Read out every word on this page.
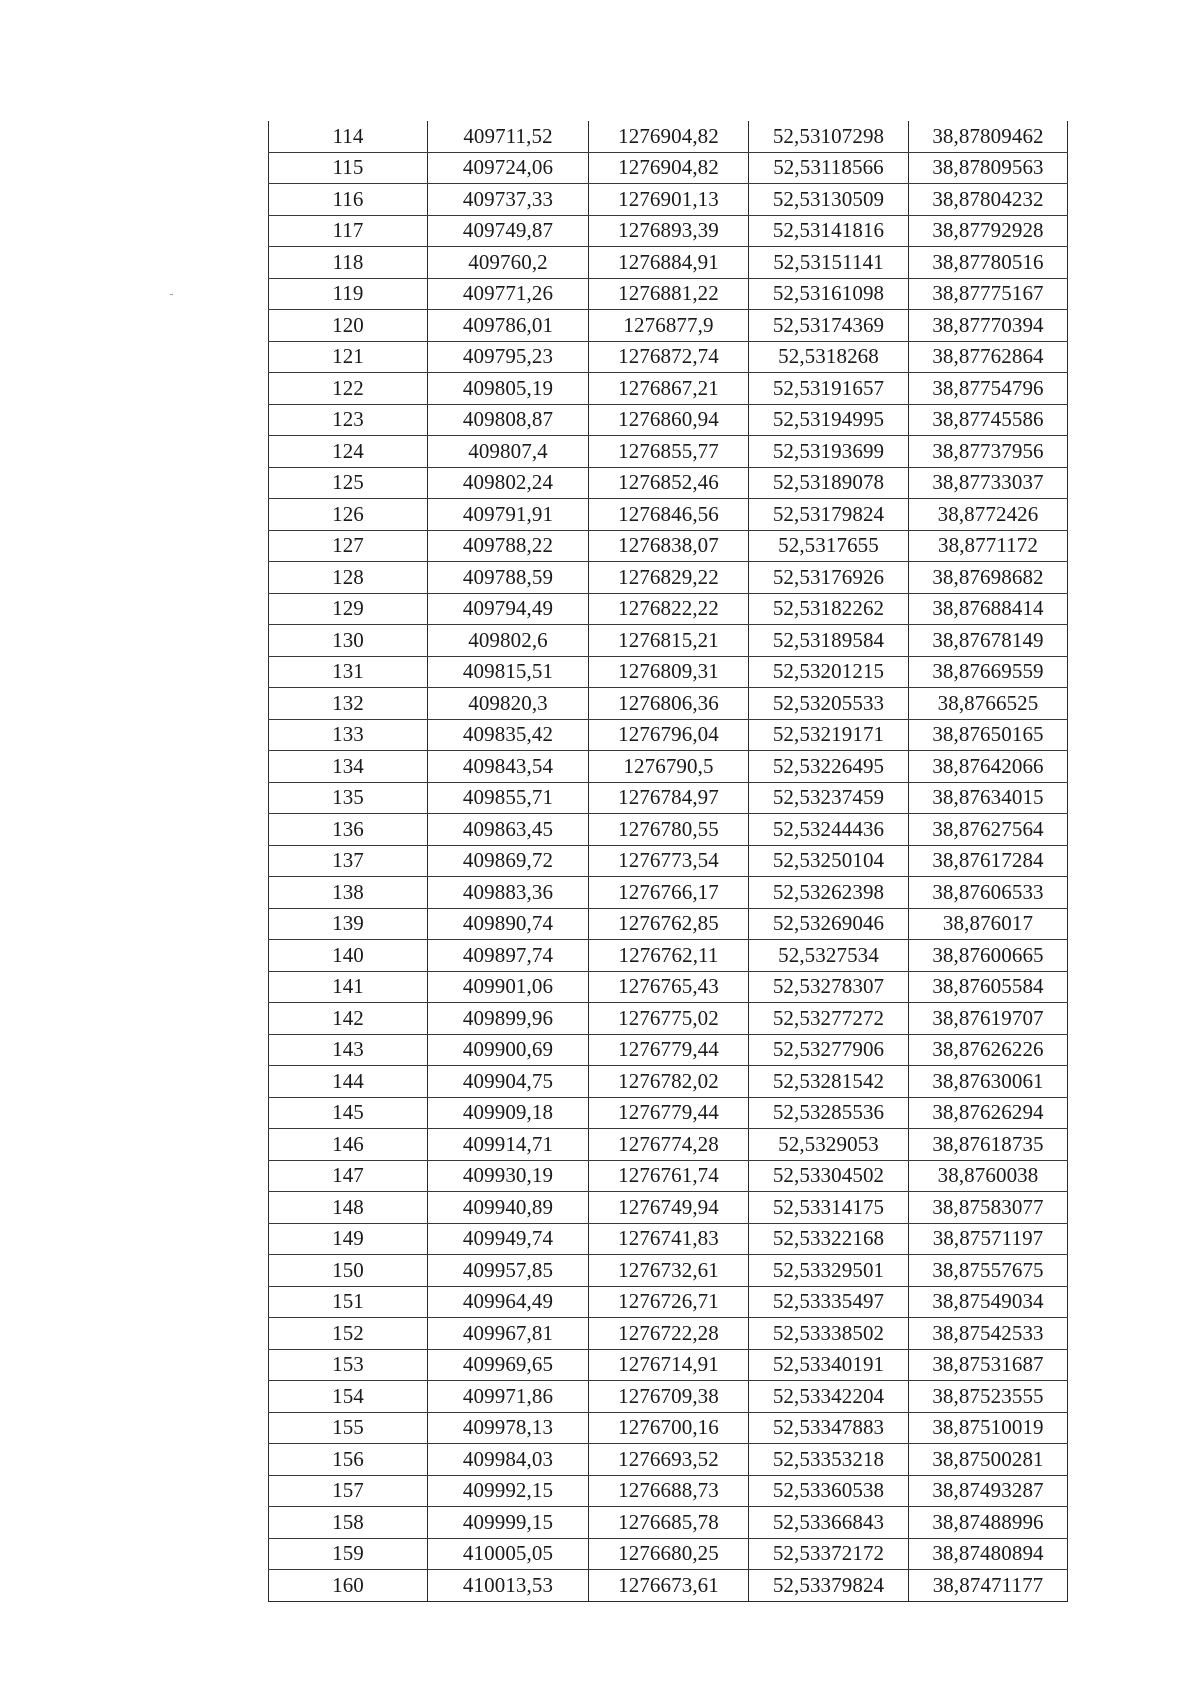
114	409711,52	1276904,82	52,53107298	38,87809462
115	409724,06	1276904,82	52,53118566	38,87809563
116	409737,33	1276901,13	52,53130509	38,87804232
117	409749,87	1276893,39	52,53141816	38,87792928
118	409760,2	1276884,91	52,53151141	38,87780516
119	409771,26	1276881,22	52,53161098	38,87775167
120	409786,01	1276877,9	52,53174369	38,87770394
121	409795,23	1276872,74	52,5318268	38,87762864
122	409805,19	1276867,21	52,53191657	38,87754796
123	409808,87	1276860,94	52,53194995	38,87745586
124	409807,4	1276855,77	52,53193699	38,87737956
125	409802,24	1276852,46	52,53189078	38,87733037
126	409791,91	1276846,56	52,53179824	38,8772426
127	409788,22	1276838,07	52,5317655	38,8771172
128	409788,59	1276829,22	52,53176926	38,87698682
129	409794,49	1276822,22	52,53182262	38,87688414
130	409802,6	1276815,21	52,53189584	38,87678149
131	409815,51	1276809,31	52,53201215	38,87669559
132	409820,3	1276806,36	52,53205533	38,8766525
133	409835,42	1276796,04	52,53219171	38,87650165
134	409843,54	1276790,5	52,53226495	38,87642066
135	409855,71	1276784,97	52,53237459	38,87634015
136	409863,45	1276780,55	52,53244436	38,87627564
137	409869,72	1276773,54	52,53250104	38,87617284
138	409883,36	1276766,17	52,53262398	38,87606533
139	409890,74	1276762,85	52,53269046	38,876017
140	409897,74	1276762,11	52,5327534	38,87600665
141	409901,06	1276765,43	52,53278307	38,87605584
142	409899,96	1276775,02	52,53277272	38,87619707
143	409900,69	1276779,44	52,53277906	38,87626226
144	409904,75	1276782,02	52,53281542	38,87630061
145	409909,18	1276779,44	52,53285536	38,87626294
146	409914,71	1276774,28	52,5329053	38,87618735
147	409930,19	1276761,74	52,53304502	38,8760038
148	409940,89	1276749,94	52,53314175	38,87583077
149	409949,74	1276741,83	52,53322168	38,87571197
150	409957,85	1276732,61	52,53329501	38,87557675
151	409964,49	1276726,71	52,53335497	38,87549034
152	409967,81	1276722,28	52,53338502	38,87542533
153	409969,65	1276714,91	52,53340191	38,87531687
154	409971,86	1276709,38	52,53342204	38,87523555
155	409978,13	1276700,16	52,53347883	38,87510019
156	409984,03	1276693,52	52,53353218	38,87500281
157	409992,15	1276688,73	52,53360538	38,87493287
158	409999,15	1276685,78	52,53366843	38,87488996
159	410005,05	1276680,25	52,53372172	38,87480894
160	410013,53	1276673,61	52,53379824	38,87471177
